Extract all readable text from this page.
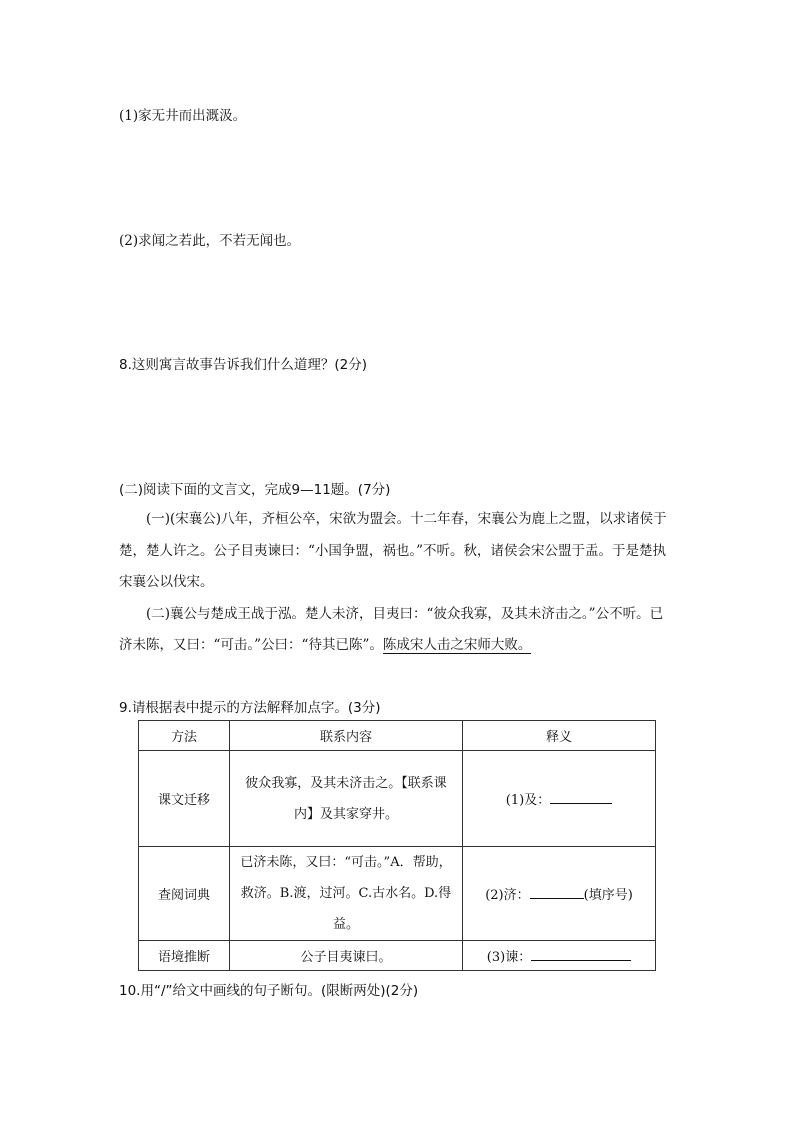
(1)家无井而出溉汲。
(2)求闻之若此，不若无闻也。
8.这则寓言故事告诉我们什么道理？(2分)
(二)阅读下面的文言文，完成9—11题。(7分)

(一)(宋襄公)八年，齐桓公卒，宋欲为盟会。十二年春，宋襄公为鹿上之盟，以求诸侯于楚，楚人许之。公子目夷谏曰：“小国争盟，祸也。”不听。秋，诸侯会宋公盟于盂。于是楚执宋襄公以伐宋。

(二)襄公与楚成王战于泓。楚人未济，目夷曰：“彼众我寡，及其未济击之。”公不听。已济未陈，又曰：“可击。”公曰：“待其已陈”。陈成宋人击之宋师大败。

9.请根据表中提示的方法解释加点字。(3分)
方法	联系内容	释义
课文迁移	彼众我寡，及其未济击之。【联系课内】及其家穿井。	(1)及：
查阅词典	已济未陈，又曰：“可击。”A．帮助，救济。B.渡，过河。C.古水名。D.得益。	(2)济： (填序号)
语境推断	公子目夷谏曰。	(3)谏：
10.用“/”给文中画线的句子断句。(限断两处)(2分)
